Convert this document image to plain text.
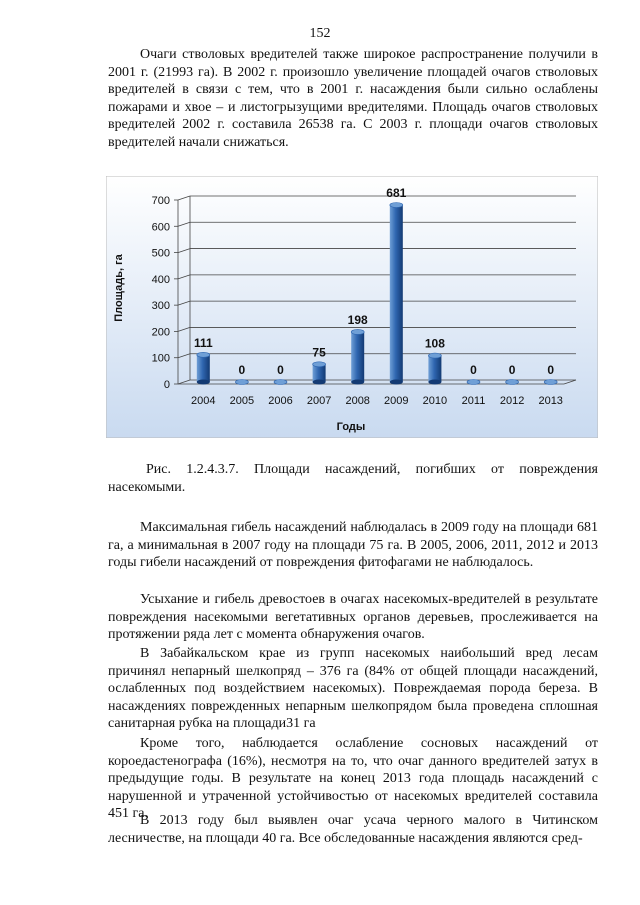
152

Очаги стволовых вредителей также широкое распространение получили в 2001 г. (21993 га). В 2002 г. произошло увеличение площадей очагов стволовых вредителей в связи с тем, что в 2001 г. насаждения были сильно ослаблены пожарами и хвое – и листогрызущими вредителями. Площадь очагов стволовых вредителей 2002 г. составила 26538 га. С 2003 г. площади очагов стволовых вредителей начали снижаться.

0
100
200
300
400
500
600
700
111
2004
0
2005
0
2006
75
2007
198
2008
681
2009
108
2010
0
2011
0
2012
0
2013
Годы
Площадь, га

Рис. 1.2.4.3.7. Площади насаждений, погибших от повреждения насекомыми.

Максимальная гибель насаждений наблюдалась в 2009 году на площади 681 га, а минимальная в 2007 году на площади 75 га. В 2005, 2006, 2011, 2012 и 2013 годы гибели насаждений от повреждения фитофагами не наблюдалось.

Усыхание и гибель древостоев в очагах насекомых-вредителей в результате повреждения насекомыми вегетативных органов деревьев, прослеживается на протяжении ряда лет с момента обнаружения очагов.

В Забайкальском крае из групп насекомых наибольший вред лесам причинял непарный шелкопряд – 376 га (84% от общей площади насаждений, ослабленных под воздействием насекомых). Повреждаемая порода береза. В насаждениях поврежденных непарным шелкопрядом была проведена сплошная санитарная рубка на площади31 га

Кроме того, наблюдается ослабление сосновых насаждений от короедастенографа (16%), несмотря на то, что очаг данного вредителей затух в предыдущие годы. В результате на конец 2013 года площадь насаждений с нарушенной и утраченной устойчивостью от насекомых вредителей составила 451 га.

В 2013 году был выявлен очаг усача черного малого в Читинском лесничестве, на площади 40 га. Все обследованные насаждения являются сред-
